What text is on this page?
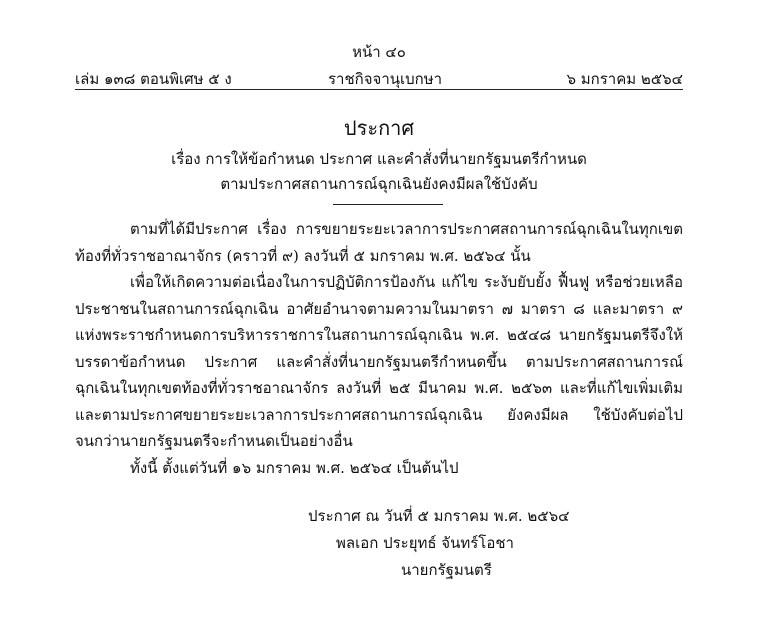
หน้า ๔๐
เล่ม ๑๓๘ ตอนพิเศษ ๕ ง	ราชกิจจานุเบกษา	๖ มกราคม ๒๕๖๔
ประกาศ
เรื่อง การให้ข้อกำหนด ประกาศ และคำสั่งที่นายกรัฐมนตรีกำหนด
ตามประกาศสถานการณ์ฉุกเฉินยังคงมีผลใช้บังคับ

ตามที่ได้มีประกาศ เรื่อง การขยายระยะเวลาการประกาศสถานการณ์ฉุกเฉินในทุกเขตท้องที่ทั่วราชอาณาจักร (คราวที่ ๙) ลงวันที่ ๕ มกราคม พ.ศ. ๒๕๖๔ นั้น

เพื่อให้เกิดความต่อเนื่องในการปฏิบัติการป้องกัน แก้ไข ระงับยับยั้ง ฟื้นฟู หรือช่วยเหลือประชาชนในสถานการณ์ฉุกเฉิน อาศัยอำนาจตามความในมาตรา ๗ มาตรา ๘ และมาตรา ๙ แห่งพระราชกำหนดการบริหารราชการในสถานการณ์ฉุกเฉิน พ.ศ. ๒๕๔๘ นายกรัฐมนตรีจึงให้บรรดาข้อกำหนด ประกาศ และคำสั่งที่นายกรัฐมนตรีกำหนดขึ้น ตามประกาศสถานการณ์ฉุกเฉินในทุกเขตท้องที่ทั่วราชอาณาจักร ลงวันที่ ๒๕ มีนาคม พ.ศ. ๒๕๖๓ และที่แก้ไขเพิ่มเติม และตามประกาศขยายระยะเวลาการประกาศสถานการณ์ฉุกเฉิน ยังคงมีผล ใช้บังคับต่อไปจนกว่านายกรัฐมนตรีจะกำหนดเป็นอย่างอื่น

ทั้งนี้ ตั้งแต่วันที่ ๑๖ มกราคม พ.ศ. ๒๕๖๔ เป็นต้นไป

ประกาศ ณ วันที่ ๕ มกราคม พ.ศ. ๒๕๖๔
พลเอก ประยุทธ์ จันทร์โอชา
นายกรัฐมนตรี
